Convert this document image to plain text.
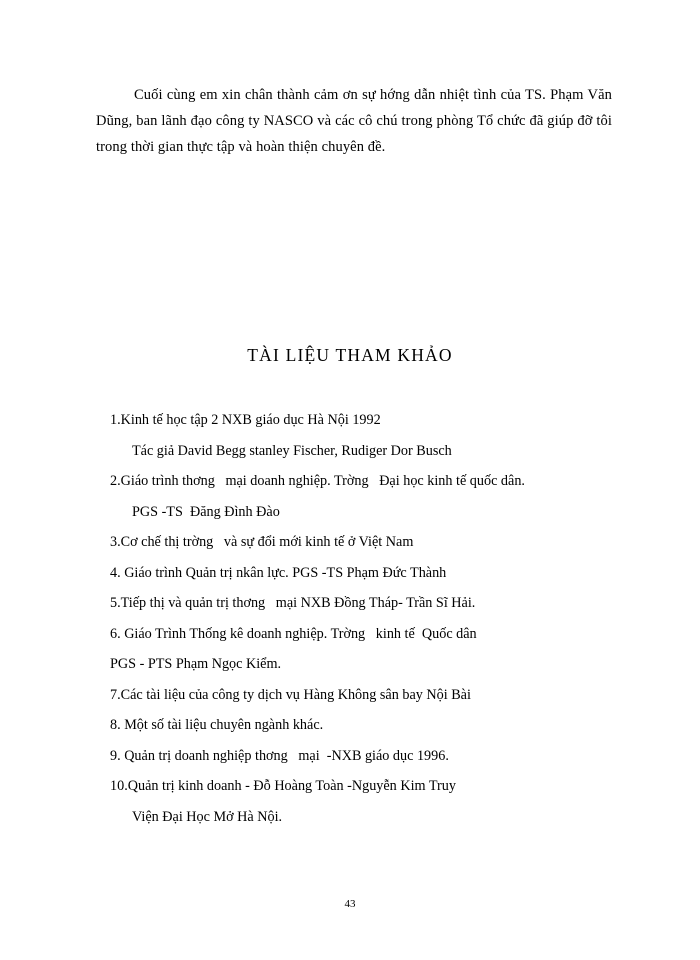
Cuối cùng em xin chân thành cảm ơn sự hớng dẫn nhiệt tình của TS. Phạm Văn Dũng, ban lãnh đạo công ty NASCO và các cô chú trong phòng Tổ chức đã giúp đỡ tôi trong thời gian thực tập và hoàn thiện chuyên đề.

TÀI LIỆU THAM KHẢO

1.Kinh tế học tập 2 NXB giáo dục Hà Nội 1992

Tác giả David Begg stanley Fischer, Rudiger Dor Busch

2.Giáo trình thơng   mại doanh nghiệp. Trờng   Đại học kinh tế quốc dân.

PGS -TS  Đăng Đình Đào

3.Cơ chế thị trờng   và sự đổi mới kinh tế ở Việt Nam

4. Giáo trình Quản trị nkân lực. PGS -TS Phạm Đức Thành

5.Tiếp thị và quản trị thơng   mại NXB Đồng Tháp- Trần Sĩ Hải.

6. Giáo Trình Thống kê doanh nghiệp. Trờng   kinh tế  Quốc dân

PGS - PTS Phạm Ngọc Kiểm.

7.Các tài liệu của công ty dịch vụ Hàng Không sân bay Nội Bài

8. Một số tài liệu chuyên ngành khác.

9. Quản trị doanh nghiệp thơng   mại  -NXB giáo dục 1996.

10.Quản trị kinh doanh - Đỗ Hoàng Toàn -Nguyễn Kim Truy

Viện Đại Học Mở Hà Nội.

43
